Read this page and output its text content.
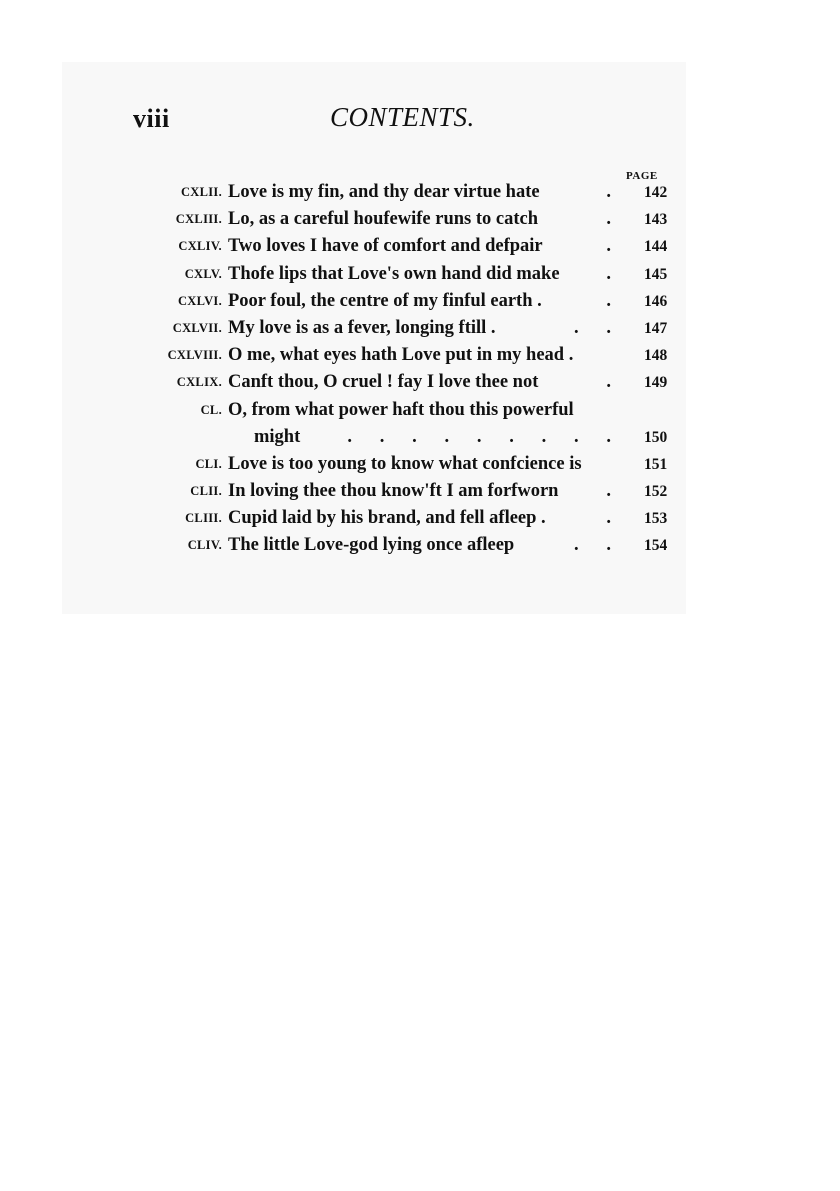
viii	CONTENTS.
PAGE
CXLII. Love is my fin, and thy dear virtue hate	. 142
CXLIII. Lo, as a careful houfewife runs to catch	. 143
CXLIV. Two loves I have of comfort and defpair	. 144
CXLV. Thofe lips that Love's own hand did make	. 145
CXLVI. Poor foul, the centre of my finful earth .	. 146
CXLVII. My love is as a fever, longing ftill .	.      . 147
CXLVIII. O me, what eyes hath Love put in my head .	148
CXLIX. Canft thou, O cruel ! fay I love thee not	. 149
CL. O, from what power haft thou this powerful
might	.      .      .      .      .      .      .      .      . 150
CLI. Love is too young to know what confcience is	151
CLII. In loving thee thou know'ft I am forfworn	. 152
CLIII. Cupid laid by his brand, and fell afleep .	. 153
CLIV. The little Love-god lying once afleep	.      . 154
